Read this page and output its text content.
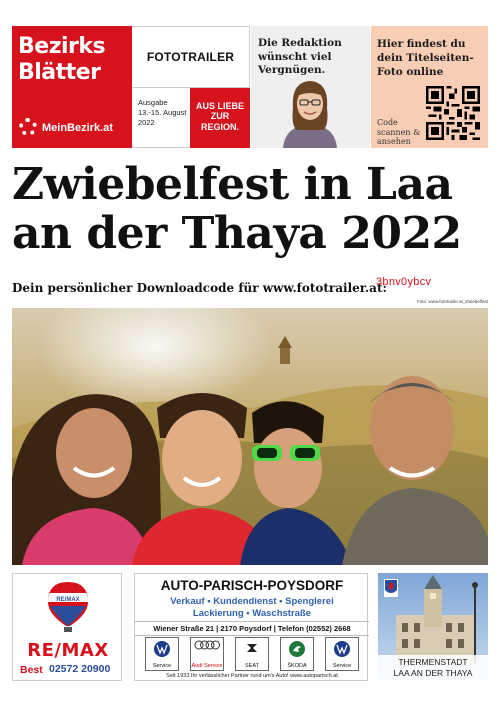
Bezirks
Blätter
MeinBezirk.at
FOTOTRAILER
Ausgabe
13.-15. August
2022
AUS LIEBE
ZUR
REGION.
Die Redaktion wünscht viel Vergnügen.
Hier findest du dein Titelseiten-Foto online
Code scannen & ansehen
Zwiebelfest in Laa
an der Thaya 2022
Dein persönlicher Downloadcode für www.fototrailer.at:
3bnv0ybcv
Foto: www.fototrailer.at_Zwiebelfest
RE/MAX
RE/MAX
Best 02572 20900
AUTO-PARISCH-POYSDORF
Verkauf • Kundendienst • Spenglerei
Lackierung • Waschstraße
Wiener Straße 21 | 2170 Poysdorf | Telefon (02552) 2668
Service	Audi Service	SEAT	ŠKODA	Service
Seit 1933 Ihr verlässlicher Partner rund um's Auto! www.autoparisch.at
THERMENSTADT
LAA AN DER THAYA
